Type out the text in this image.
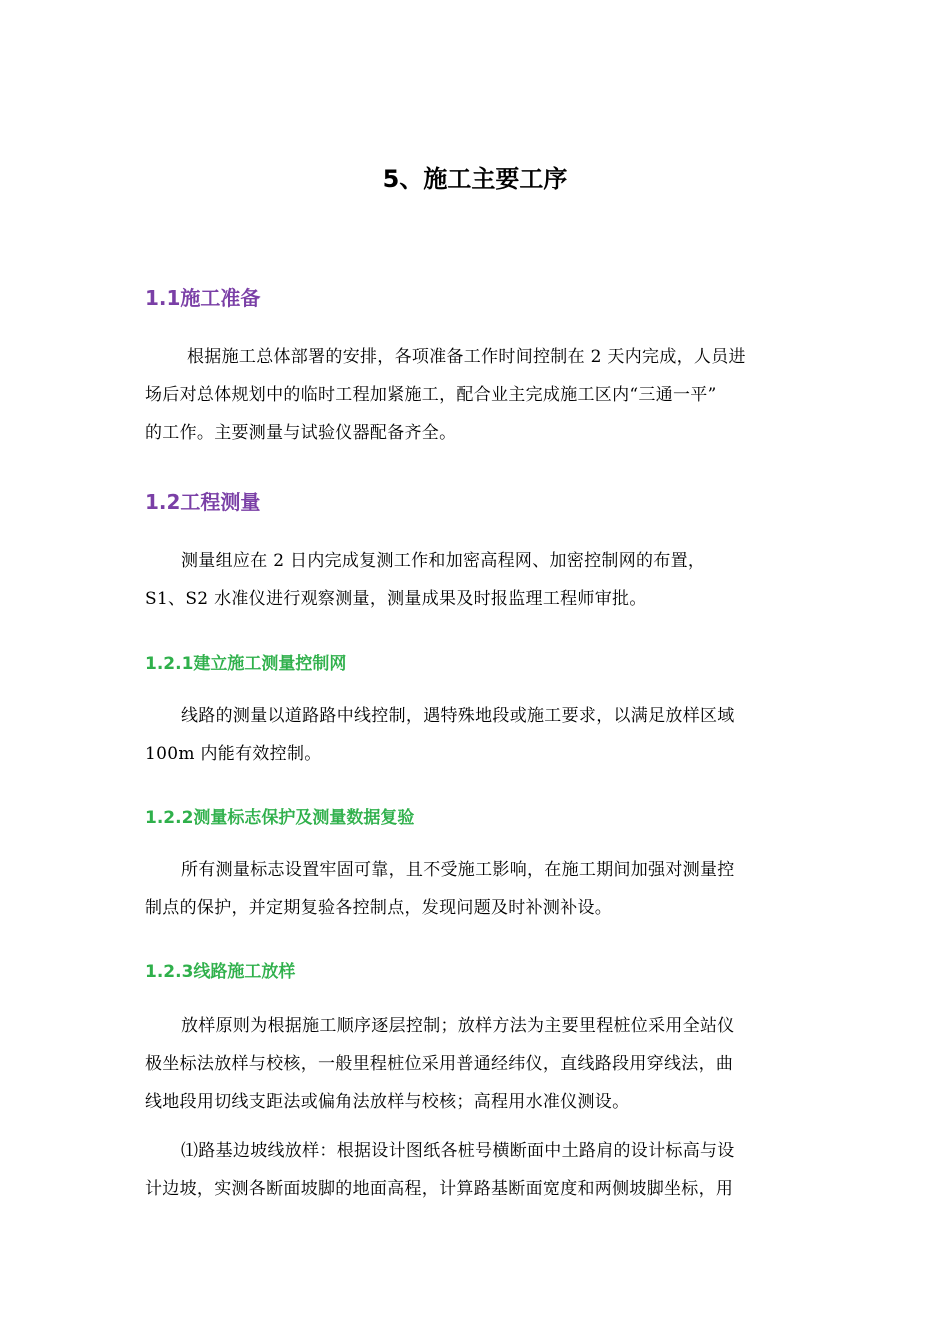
5、施工主要工序
1.1施工准备
根据施工总体部署的安排，各项准备工作时间控制在 2 天内完成，人员进
场后对总体规划中的临时工程加紧施工，配合业主完成施工区内“三通一平”
的工作。主要测量与试验仪器配备齐全。
1.2工程测量
测量组应在 2 日内完成复测工作和加密高程网、加密控制网的布置，
S1、S2 水准仪进行观察测量，测量成果及时报监理工程师审批。
1.2.1建立施工测量控制网
线路的测量以道路路中线控制，遇特殊地段或施工要求，以满足放样区域
100m 内能有效控制。
1.2.2测量标志保护及测量数据复验
所有测量标志设置牢固可靠，且不受施工影响，在施工期间加强对测量控
制点的保护，并定期复验各控制点，发现问题及时补测补设。
1.2.3线路施工放样
放样原则为根据施工顺序逐层控制；放样方法为主要里程桩位采用全站仪
极坐标法放样与校核，一般里程桩位采用普通经纬仪，直线路段用穿线法，曲
线地段用切线支距法或偏角法放样与校核；高程用水准仪测设。
⑴路基边坡线放样：根据设计图纸各桩号横断面中土路肩的设计标高与设
计边坡，实测各断面坡脚的地面高程，计算路基断面宽度和两侧坡脚坐标，用
